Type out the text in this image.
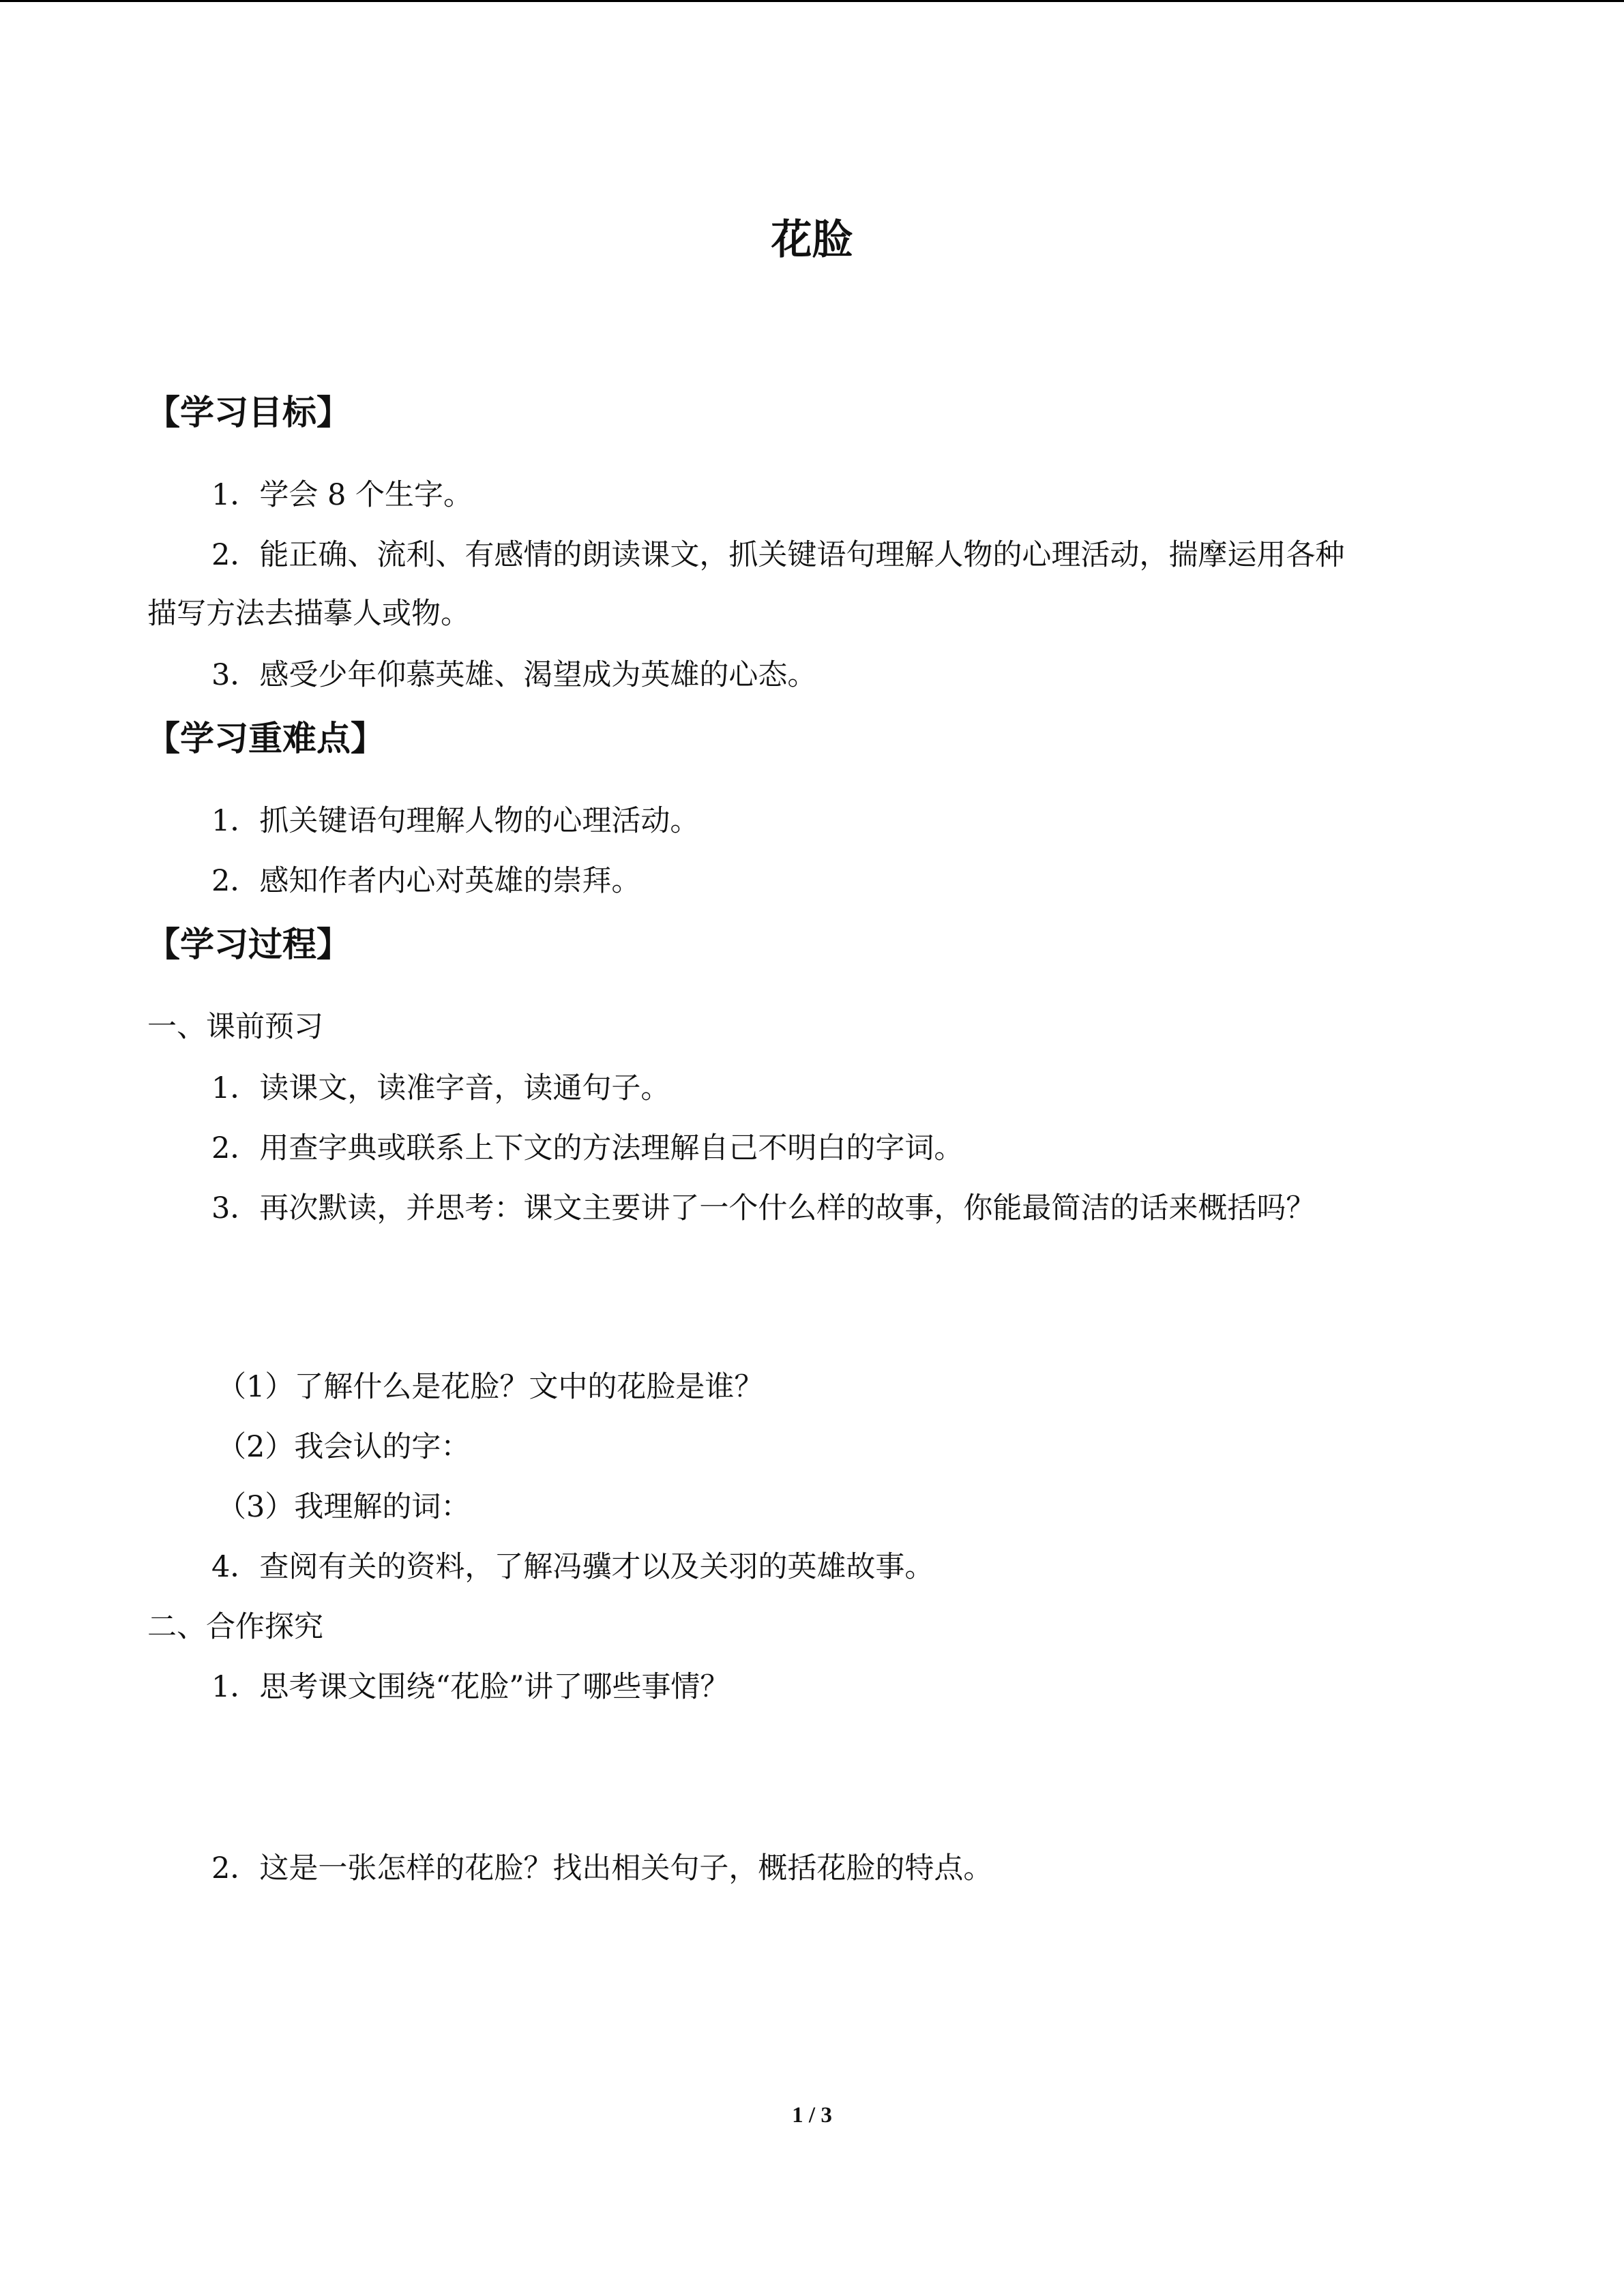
花脸
【学习目标】

1．学会 8 个生字。

2．能正确、流利、有感情的朗读课文，抓关键语句理解人物的心理活动，揣摩运用各种

描写方法去描摹人或物。

3．感受少年仰慕英雄、渴望成为英雄的心态。

【学习重难点】

1．抓关键语句理解人物的心理活动。

2．感知作者内心对英雄的崇拜。

【学习过程】

一、课前预习

1．读课文，读准字音，读通句子。

2．用查字典或联系上下文的方法理解自己不明白的字词。

3．再次默读，并思考：课文主要讲了一个什么样的故事，你能最简洁的话来概括吗？

（1）了解什么是花脸？文中的花脸是谁？

（2）我会认的字：

（3）我理解的词：

4．查阅有关的资料，了解冯骥才以及关羽的英雄故事。

二、合作探究

1．思考课文围绕“花脸”讲了哪些事情？

2．这是一张怎样的花脸？找出相关句子，概括花脸的特点。

1 / 3
